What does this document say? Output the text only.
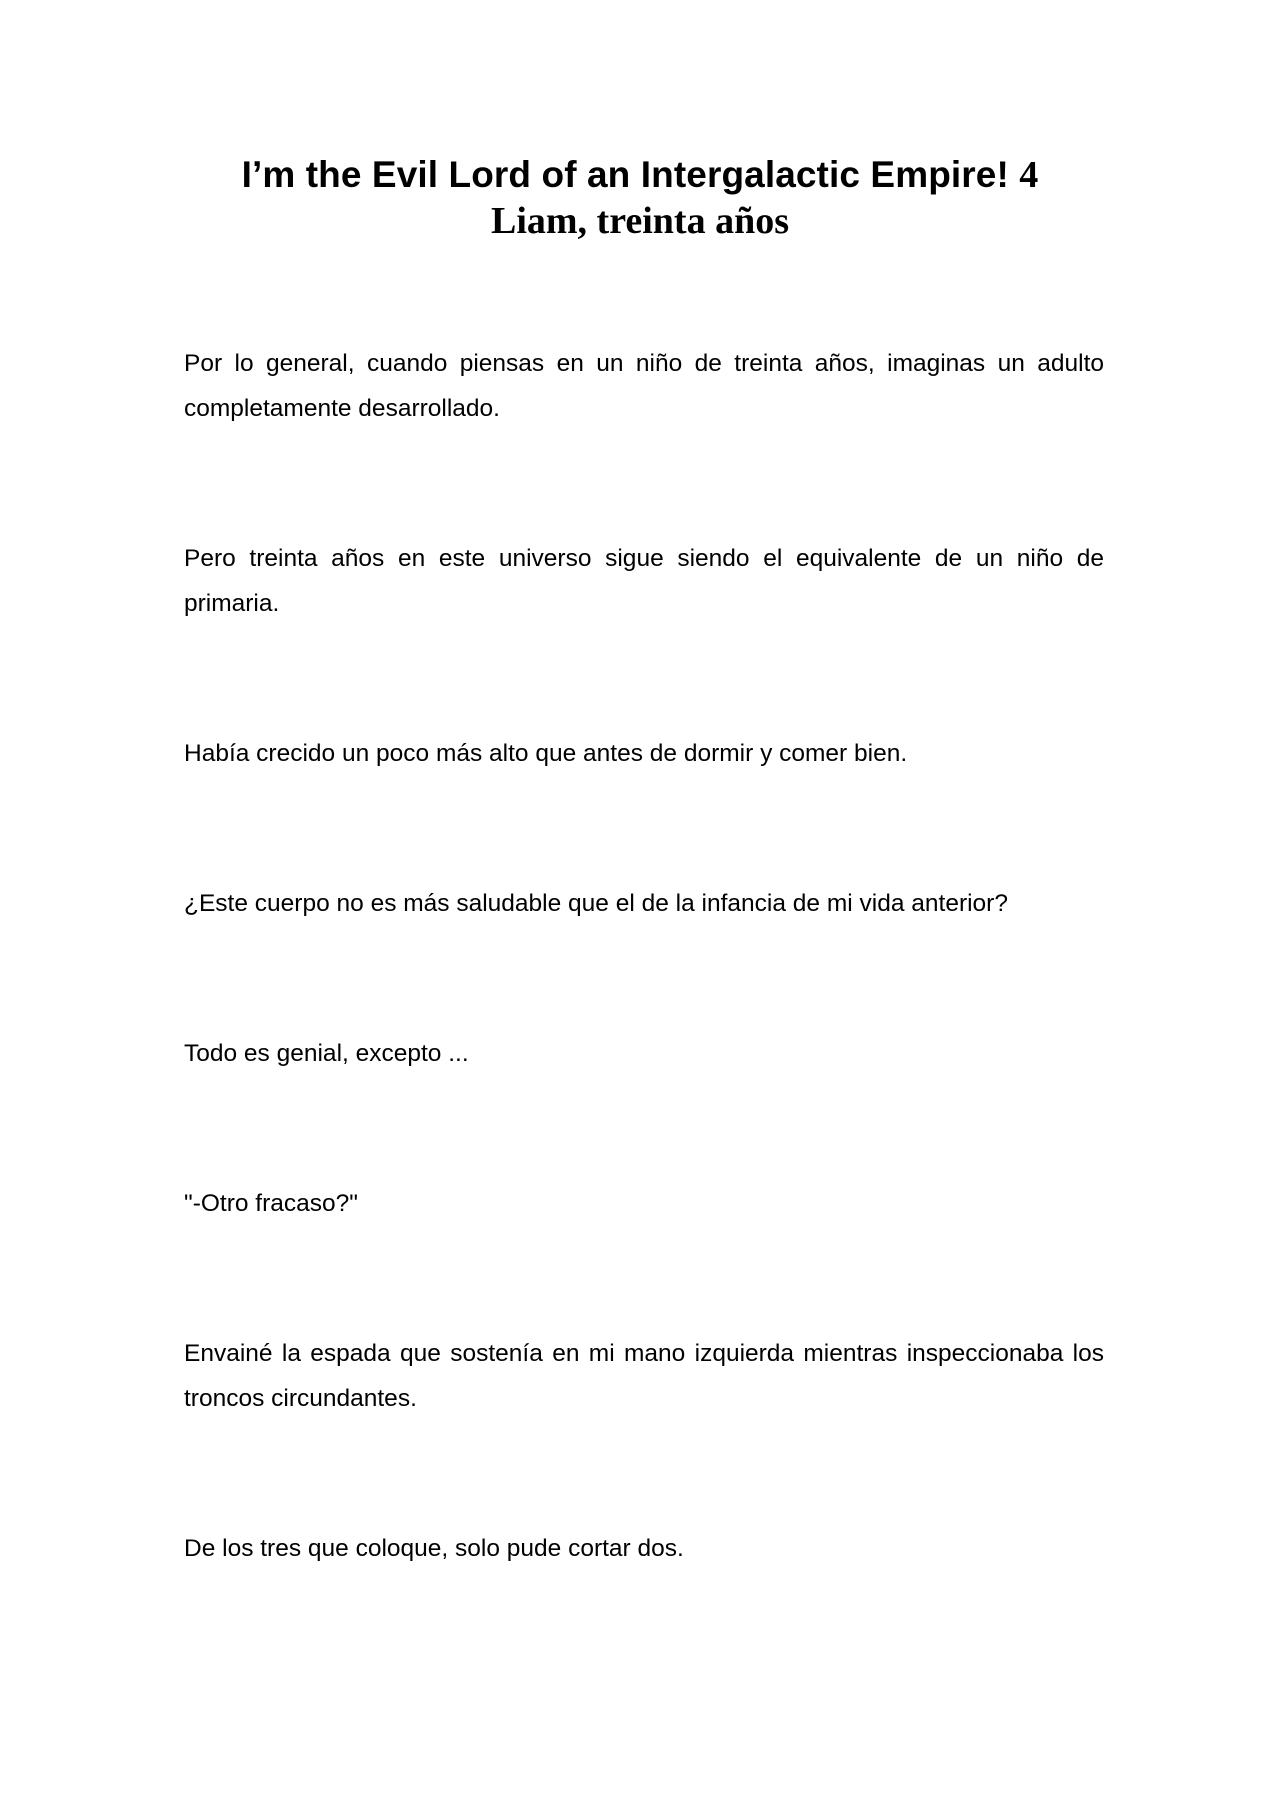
I’m the Evil Lord of an Intergalactic Empire! 4
Liam, treinta años
Por lo general, cuando piensas en un niño de treinta años, imaginas un adulto completamente desarrollado.
Pero treinta años en este universo sigue siendo el equivalente de un niño de primaria.
Había crecido un poco más alto que antes de dormir y comer bien.
¿Este cuerpo no es más saludable que el de la infancia de mi vida anterior?
Todo es genial, excepto ...
"-Otro fracaso?"
Envainé la espada que sostenía en mi mano izquierda mientras inspeccionaba los troncos circundantes.
De los tres que coloque, solo pude cortar dos.
